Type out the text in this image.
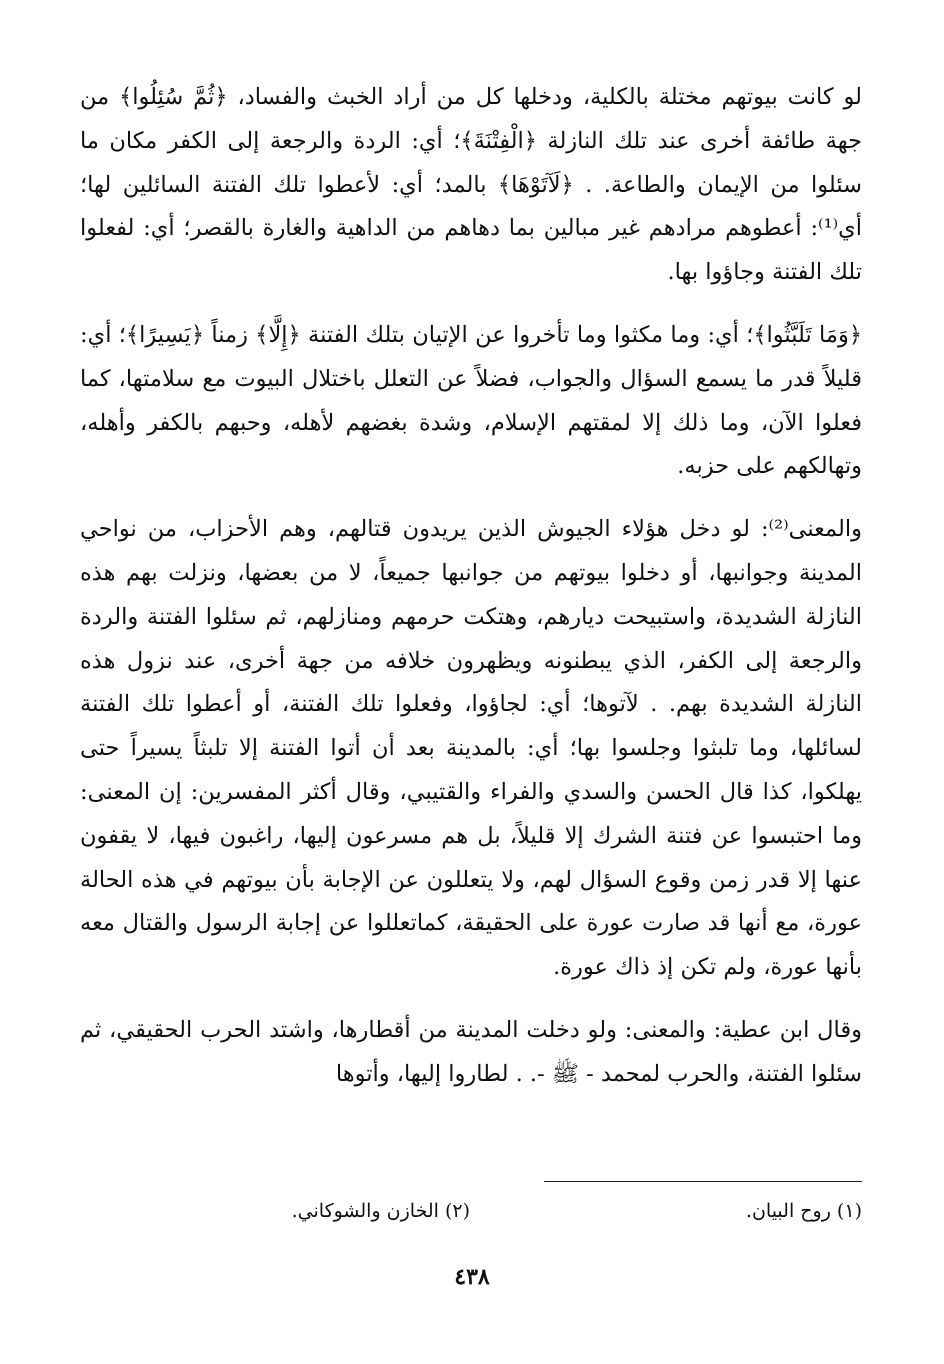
لو كانت بيوتهم مختلة بالكلية، ودخلها كل من أراد الخبث والفساد، ﴿ثُمَّ سُئِلُوا﴾ من جهة طائفة أخرى عند تلك النازلة ﴿الْفِتْنَةَ﴾؛ أي: الردة والرجعة إلى الكفر مكان ما سئلوا من الإيمان والطاعة. . ﴿لَآتَوْهَا﴾ بالمد؛ أي: لأعطوا تلك الفتنة السائلين لها؛ أي⁽¹⁾: أعطوهم مرادهم غير مبالين بما دهاهم من الداهية والغارة بالقصر؛ أي: لفعلوا تلك الفتنة وجاؤوا بها.

﴿وَمَا تَلَبَّثُوا﴾؛ أي: وما مكثوا وما تأخروا عن الإتيان بتلك الفتنة ﴿إِلَّا﴾ زمناً ﴿يَسِيرًا﴾؛ أي: قليلاً قدر ما يسمع السؤال والجواب، فضلاً عن التعلل باختلال البيوت مع سلامتها، كما فعلوا الآن، وما ذلك إلا لمقتهم الإسلام، وشدة بغضهم لأهله، وحبهم بالكفر وأهله، وتهالكهم على حزبه.

والمعنى⁽²⁾: لو دخل هؤلاء الجيوش الذين يريدون قتالهم، وهم الأحزاب، من نواحي المدينة وجوانبها، أو دخلوا بيوتهم من جوانبها جميعاً، لا من بعضها، ونزلت بهم هذه النازلة الشديدة، واستبيحت ديارهم، وهتكت حرمهم ومنازلهم، ثم سئلوا الفتنة والردة والرجعة إلى الكفر، الذي يبطنونه ويظهرون خلافه من جهة أخرى، عند نزول هذه النازلة الشديدة بهم. . لآتوها؛ أي: لجاؤوا، وفعلوا تلك الفتنة، أو أعطوا تلك الفتنة لسائلها، وما تلبثوا وجلسوا بها؛ أي: بالمدينة بعد أن أتوا الفتنة إلا تلبثاً يسيراً حتى يهلكوا، كذا قال الحسن والسدي والفراء والقتيبي، وقال أكثر المفسرين: إن المعنى: وما احتبسوا عن فتنة الشرك إلا قليلاً، بل هم مسرعون إليها، راغبون فيها، لا يقفون عنها إلا قدر زمن وقوع السؤال لهم، ولا يتعللون عن الإجابة بأن بيوتهم في هذه الحالة عورة، مع أنها قد صارت عورة على الحقيقة، كماتعللوا عن إجابة الرسول والقتال معه بأنها عورة، ولم تكن إذ ذاك عورة.

وقال ابن عطية: والمعنى: ولو دخلت المدينة من أقطارها، واشتد الحرب الحقيقي، ثم سئلوا الفتنة، والحرب لمحمد - ﷺ -. . لطاروا إليها، وأتوها

(١) روح البيان.
(٢) الخازن والشوكاني.
٤٣٨
